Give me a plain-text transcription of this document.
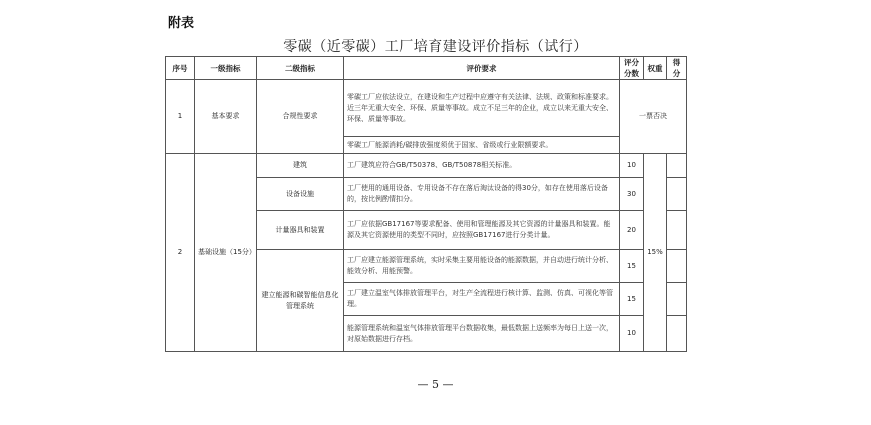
附表
零碳（近零碳）工厂培育建设评价指标（试行）
序号	一级指标	二级指标	评价要求	评分分数	权重	得分
1	基本要求	合规性要求	零碳工厂应依法设立，在建设和生产过程中应遵守有关法律、法规、政策和标准要求。近三年无重大安全、环保、质量等事故。成立不足三年的企业，成立以来无重大安全、环保、质量等事故。	一票否决		
			零碳工厂能源消耗/碳排放强度须优于国家、省级或行业限额要求。			
2	基础设施（15分）	建筑	工厂建筑应符合GB/T50378、GB/T50878相关标准。	10	15%	
		设备设施	工厂使用的通用设备、专用设备不存在落后淘汰设备的得30分，如存在使用落后设备的，按比例酌情扣分。	30		
		计量器具和装置	工厂应依据GB17167等要求配备、使用和管理能源及其它资源的计量器具和装置。能源及其它资源使用的类型不同时，应按照GB17167进行分类计量。	20		
		建立能源和碳智能信息化管理系统	工厂应建立能源管理系统，实时采集主要用能设备的能源数据，并自动进行统计分析、能效分析、用能预警。	15		
			工厂建立温室气体排放管理平台，对生产全流程进行核计算、监测、仿真、可视化等管理。	15		
			能源管理系统和温室气体排放管理平台数据收集，最低数据上送频率为每日上送一次，对原始数据进行存档。	10		
— 5 —
